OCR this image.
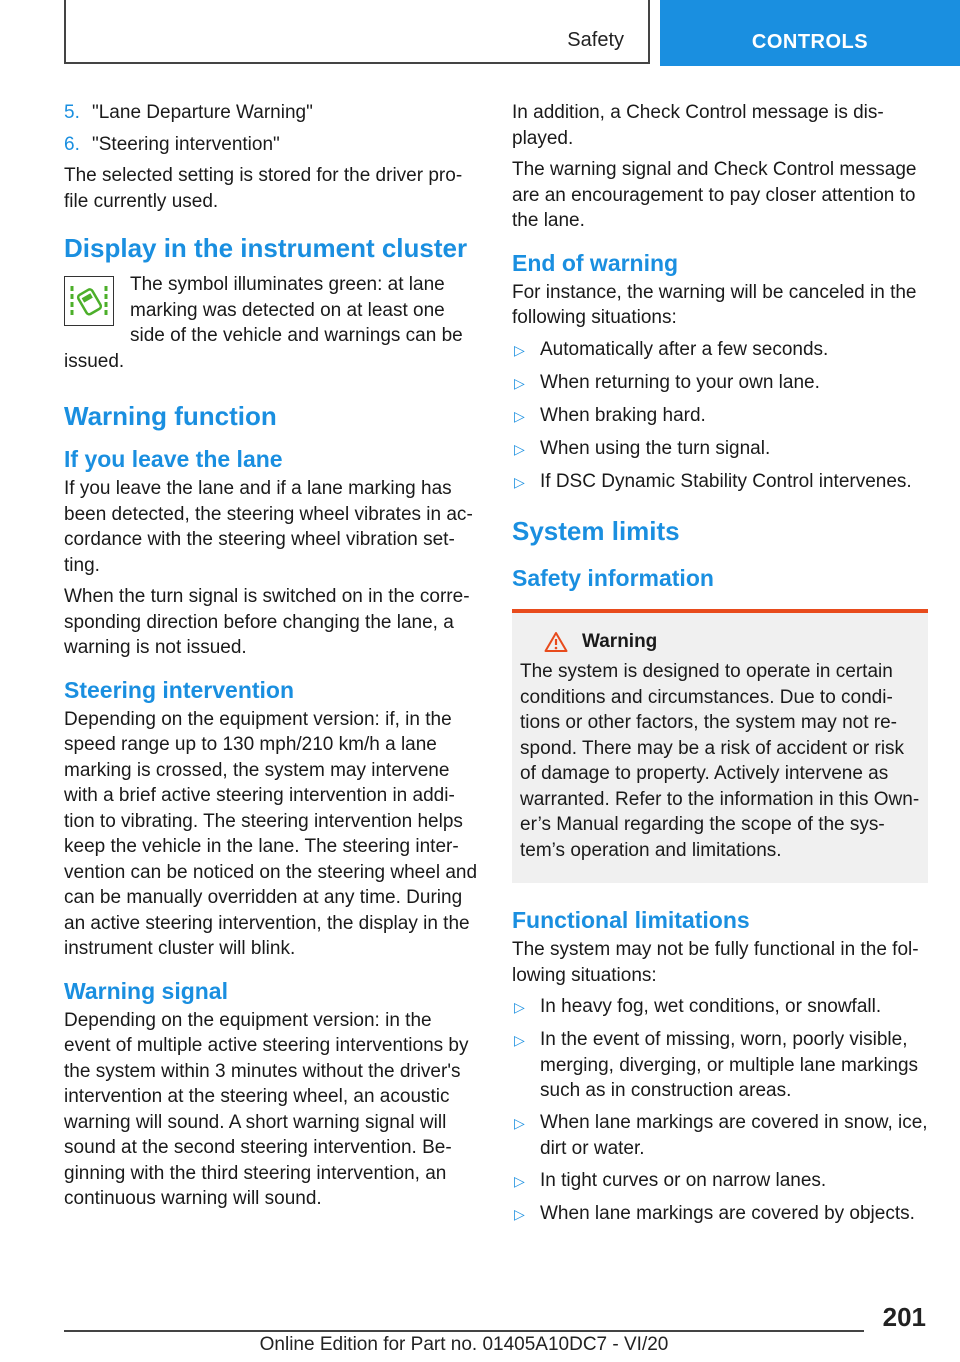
Safety	CONTROLS
5. "Lane Departure Warning"
6. "Steering intervention"

The selected setting is stored for the driver profile currently used.

Display in the instrument cluster

The symbol illuminates green: at lane marking was detected on at least one side of the vehicle and warnings can be issued.

Warning function
If you leave the lane

If you leave the lane and if a lane marking has been detected, the steering wheel vibrates in accordance with the steering wheel vibration setting.

When the turn signal is switched on in the corresponding direction before changing the lane, a warning is not issued.

Steering intervention

Depending on the equipment version: if, in the speed range up to 130 mph/210 km/h a lane marking is crossed, the system may intervene with a brief active steering intervention in addition to vibrating. The steering intervention helps keep the vehicle in the lane. The steering intervention can be noticed on the steering wheel and can be manually overridden at any time. During an active steering intervention, the display in the instrument cluster will blink.

Warning signal

Depending on the equipment version: in the event of multiple active steering interventions by the system within 3 minutes without the driver's intervention at the steering wheel, an acoustic warning will sound. A short warning signal will sound at the second steering intervention. Beginning with the third steering intervention, an continuous warning will sound.

In addition, a Check Control message is displayed.

The warning signal and Check Control message are an encouragement to pay closer attention to the lane.

End of warning

For instance, the warning will be canceled in the following situations:

▷ Automatically after a few seconds.
▷ When returning to your own lane.
▷ When braking hard.
▷ When using the turn signal.
▷ If DSC Dynamic Stability Control intervenes.
System limits
Safety information
Warning

The system is designed to operate in certain conditions and circumstances. Due to conditions or other factors, the system may not respond. There may be a risk of accident or risk of damage to property. Actively intervene as warranted. Refer to the information in this Owner’s Manual regarding the scope of the system’s operation and limitations.

Functional limitations

The system may not be fully functional in the following situations:

▷ In heavy fog, wet conditions, or snowfall.
▷ In the event of missing, worn, poorly visible, merging, diverging, or multiple lane markings such as in construction areas.
▷ When lane markings are covered in snow, ice, dirt or water.
▷ In tight curves or on narrow lanes.
▷ When lane markings are covered by objects.
201
Online Edition for Part no. 01405A10DC7 - VI/20
